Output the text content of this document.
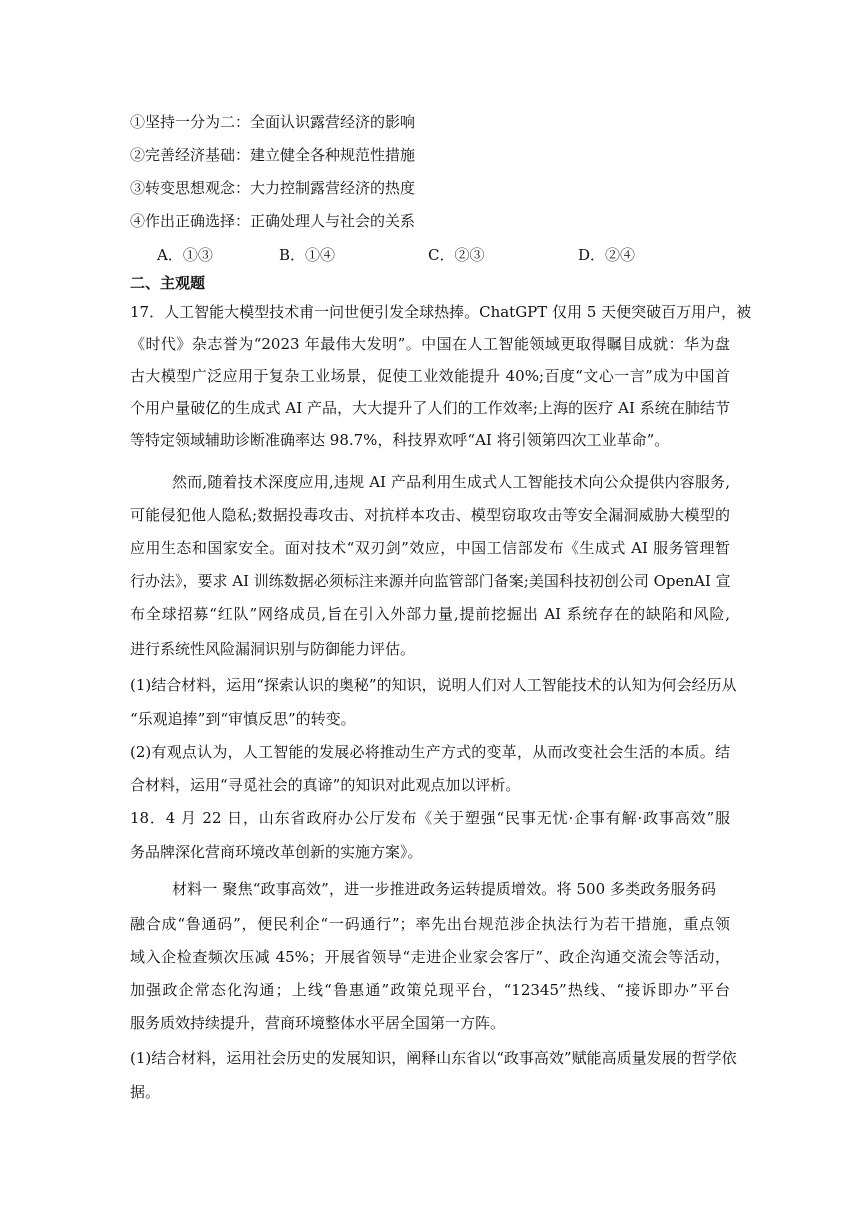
①坚持一分为二：全面认识露营经济的影响
②完善经济基础：建立健全各种规范性措施
③转变思想观念：大力控制露营经济的热度
④作出正确选择：正确处理人与社会的关系
A．①③	B．①④	C．②③	D．②④
二、主观题
17．人工智能大模型技术甫一问世便引发全球热捧。ChatGPT 仅用 5 天便突破百万用户，被
《时代》杂志誉为“2023 年最伟大发明”。中国在人工智能领域更取得瞩目成就：华为盘
古大模型广泛应用于复杂工业场景，促使工业效能提升 40%;百度“文心一言”成为中国首
个用户量破亿的生成式 AI 产品，大大提升了人们的工作效率;上海的医疗 AI 系统在肺结节
等特定领域辅助诊断准确率达 98.7%，科技界欢呼“AI 将引领第四次工业革命”。
然而,随着技术深度应用,违规 AI 产品利用生成式人工智能技术向公众提供内容服务,
可能侵犯他人隐私;数据投毒攻击、对抗样本攻击、模型窃取攻击等安全漏洞威胁大模型的
应用生态和国家安全。面对技术“双刃剑”效应，中国工信部发布《生成式 AI 服务管理暂
行办法》，要求 AI 训练数据必须标注来源并向监管部门备案;美国科技初创公司 OpenAI 宣
布全球招募“红队”网络成员,旨在引入外部力量,提前挖掘出 AI 系统存在的缺陷和风险,
进行系统性风险漏洞识别与防御能力评估。
(1)结合材料，运用“探索认识的奥秘”的知识，说明人们对人工智能技术的认知为何会经历从
“乐观追捧”到“审慎反思”的转变。
(2)有观点认为，人工智能的发展必将推动生产方式的变革，从而改变社会生活的本质。结
合材料，运用“寻觅社会的真谛”的知识对此观点加以评析。
18．4 月 22 日，山东省政府办公厅发布《关于塑强“民事无忧·企事有解·政事高效”服
务品牌深化营商环境改革创新的实施方案》。
材料一 聚焦“政事高效”，进一步推进政务运转提质增效。将 500 多类政务服务码
融合成“鲁通码”，便民利企“一码通行”；率先出台规范涉企执法行为若干措施，重点领
域入企检查频次压减 45%；开展省领导“走进企业家会客厅”、政企沟通交流会等活动，
加强政企常态化沟通；上线“鲁惠通”政策兑现平台，“12345”热线、“接诉即办”平台
服务质效持续提升，营商环境整体水平居全国第一方阵。
(1)结合材料，运用社会历史的发展知识，阐释山东省以“政事高效”赋能高质量发展的哲学依
据。
